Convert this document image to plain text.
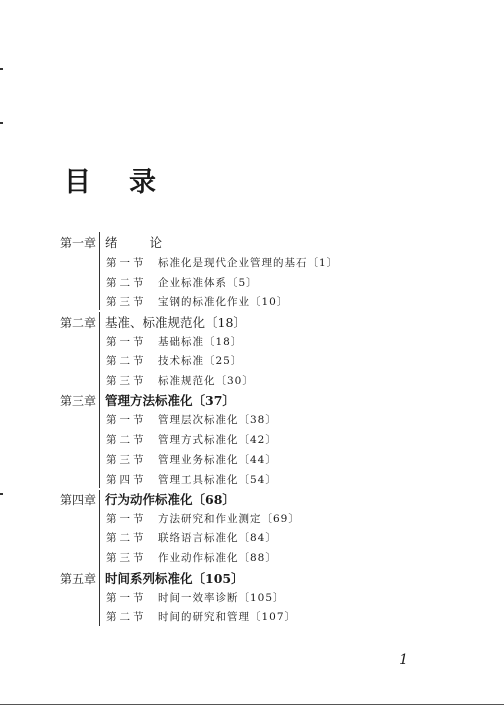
目 录
第一章 绪 论
第一节 标准化是现代企业管理的基石〔1〕
第二节 企业标准体系〔5〕
第三节 宝钢的标准化作业〔10〕
第二章 基准、标准规范化〔18〕
第一节 基础标准〔18〕
第二节 技术标准〔25〕
第三节 标准规范化〔30〕
第三章 管理方法标准化〔37〕
第一节 管理层次标准化〔38〕
第二节 管理方式标准化〔42〕
第三节 管理业务标准化〔44〕
第四节 管理工具标准化〔54〕
第四章 行为动作标准化〔68〕
第一节 方法研究和作业测定〔69〕
第二节 联络语言标准化〔84〕
第三节 作业动作标准化〔88〕
第五章 时间系列标准化〔105〕
第一节 时间一效率诊断〔105〕
第二节 时间的研究和管理〔107〕
1
